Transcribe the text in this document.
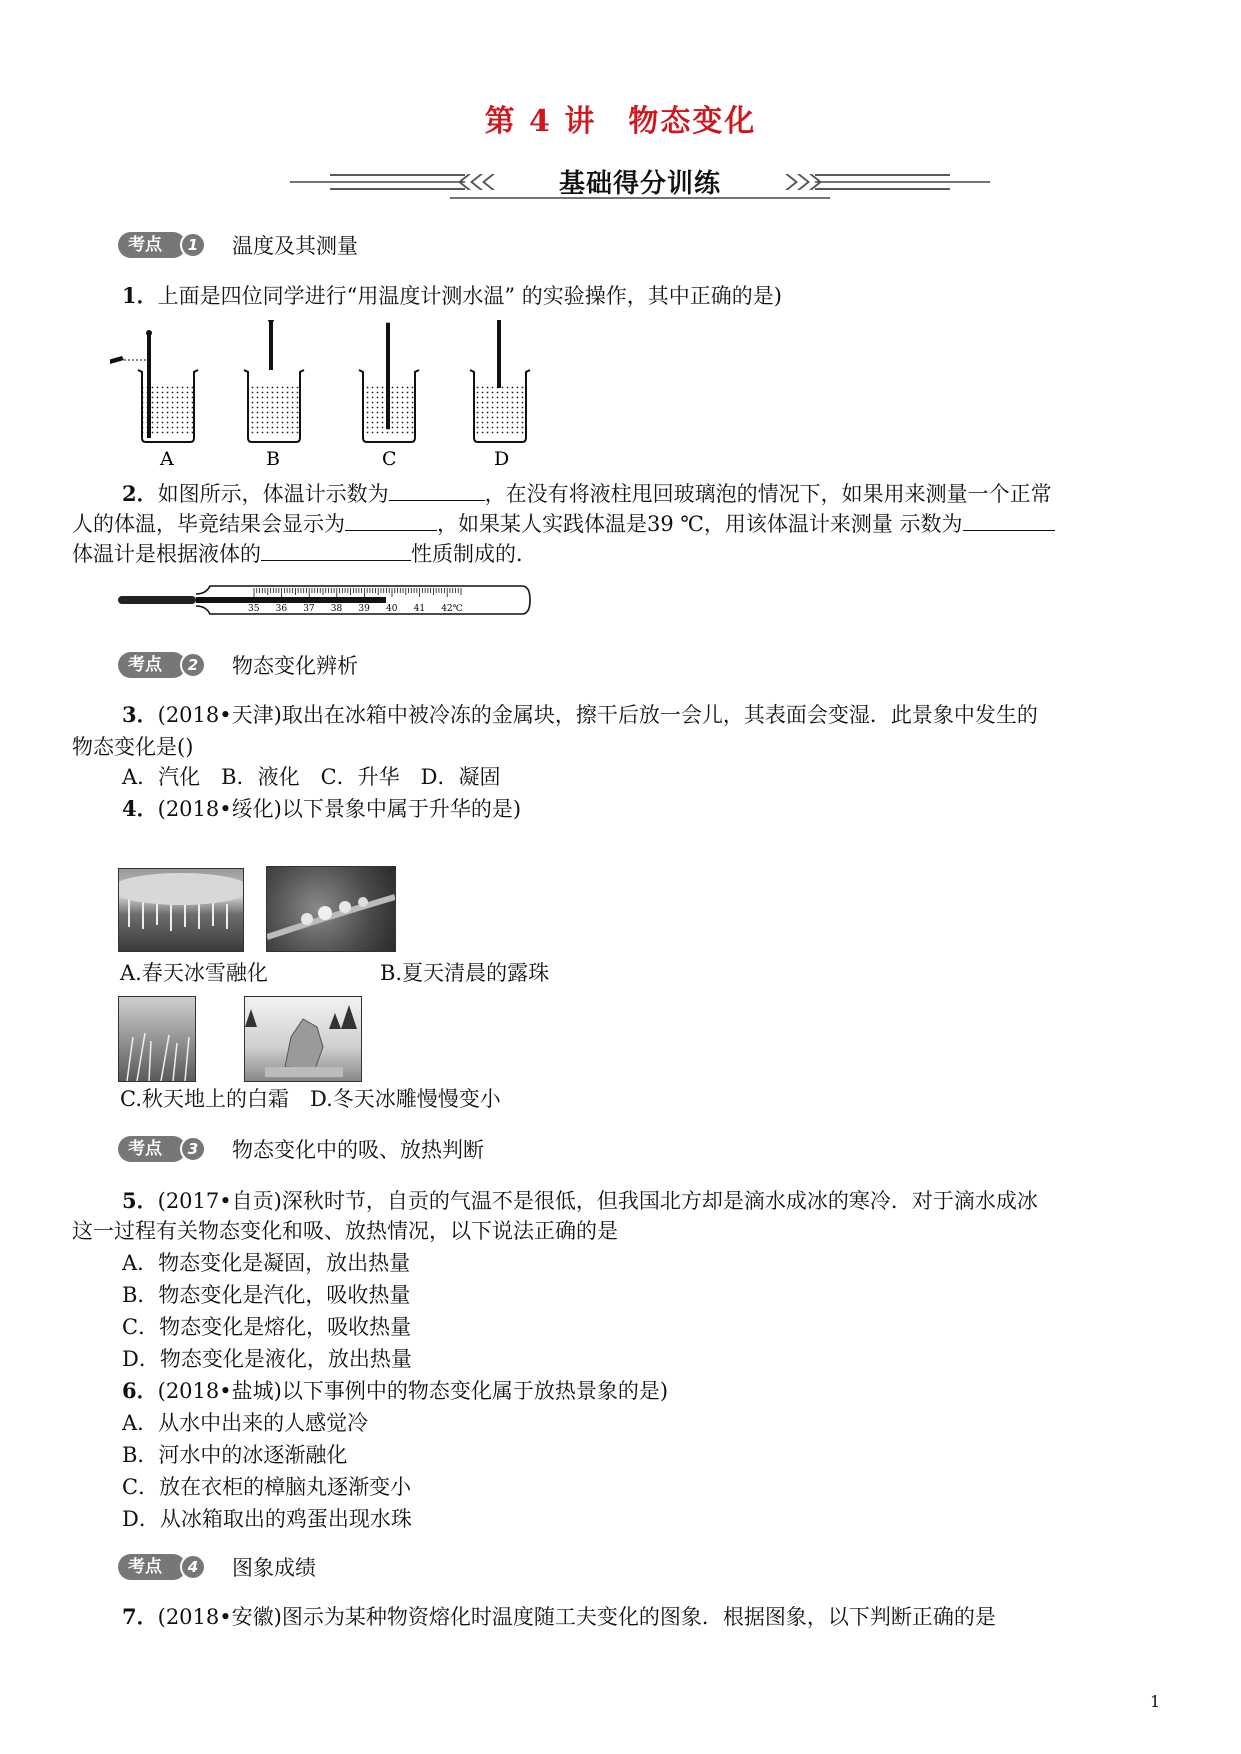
第 4 讲　物态变化
基础得分训练
考点	1	温度及其测量
1．上面是四位同学进行“用温度计测水温” 的实验操作，其中正确的是)
A	B	C	D
2．如图所示，体温计示数为	，在没有将液柱甩回玻璃泡的情况下，如果用来测量一个正常
人的体温，毕竟结果会显示为	，如果某人实践体温是39 ℃，用该体温计来测量 示数为
体温计是根据液体的	性质制成的．
35 36 37 38 39 40 41 42℃
考点	2	物态变化辨析
3．(2018•天津)取出在冰箱中被冷冻的金属块，擦干后放一会儿，其表面会变湿．此景象中发生的
物态变化是()
A．汽化　B．液化　C．升华　D．凝固
4．(2018•绥化)以下景象中属于升华的是)
A.春天冰雪融化	B.夏天清晨的露珠
C.秋天地上的白霜　D.冬天冰雕慢慢变小
考点	3	物态变化中的吸、放热判断
5．(2017•自贡)深秋时节，自贡的气温不是很低，但我国北方却是滴水成冰的寒冷．对于滴水成冰
这一过程有关物态变化和吸、放热情况，以下说法正确的是
A．物态变化是凝固，放出热量
B．物态变化是汽化，吸收热量
C．物态变化是熔化，吸收热量
D．物态变化是液化，放出热量
6．(2018•盐城)以下事例中的物态变化属于放热景象的是)
A．从水中出来的人感觉冷
B．河水中的冰逐渐融化
C．放在衣柜的樟脑丸逐渐变小
D．从冰箱取出的鸡蛋出现水珠
考点	4	图象成绩
7．(2018•安徽)图示为某种物资熔化时温度随工夫变化的图象．根据图象，以下判断正确的是
1
